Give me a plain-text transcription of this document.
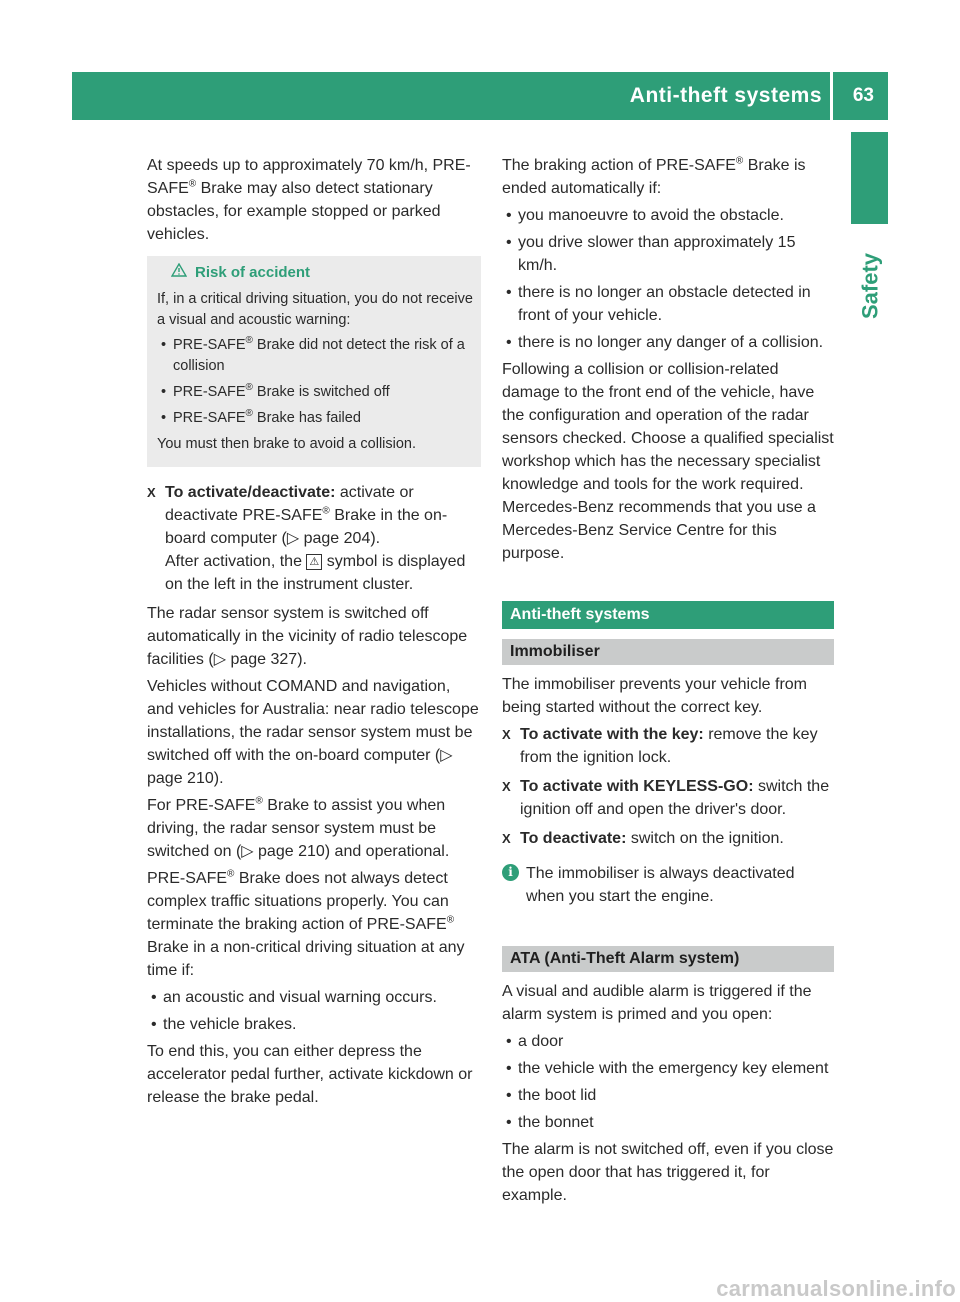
Anti-theft systems 63
Safety

At speeds up to approximately 70 km/h, PRE-SAFE® Brake may also detect stationary obstacles, for example stopped or parked vehicles.

Risk of accident

If, in a critical driving situation, you do not receive a visual and acoustic warning:

• PRE-SAFE® Brake did not detect the risk of a collision
• PRE-SAFE® Brake is switched off
• PRE-SAFE® Brake has failed

You must then brake to avoid a collision.

X To activate/deactivate: activate or deactivate PRE-SAFE® Brake in the on-board computer (▷ page 204).
After activation, the ⚠ symbol is displayed on the left in the instrument cluster.

The radar sensor system is switched off automatically in the vicinity of radio telescope facilities (▷ page 327).

Vehicles without COMAND and navigation, and vehicles for Australia: near radio telescope installations, the radar sensor system must be switched off with the on-board computer (▷ page 210).

For PRE-SAFE® Brake to assist you when driving, the radar sensor system must be switched on (▷ page 210) and operational.

PRE-SAFE® Brake does not always detect complex traffic situations properly. You can terminate the braking action of PRE-SAFE® Brake in a non-critical driving situation at any time if:

• an acoustic and visual warning occurs.
• the vehicle brakes.

To end this, you can either depress the accelerator pedal further, activate kickdown or release the brake pedal.

The braking action of PRE-SAFE® Brake is ended automatically if:

• you manoeuvre to avoid the obstacle.
• you drive slower than approximately 15 km/h.
• there is no longer an obstacle detected in front of your vehicle.
• there is no longer any danger of a collision.

Following a collision or collision-related damage to the front end of the vehicle, have the configuration and operation of the radar sensors checked. Choose a qualified specialist workshop which has the necessary specialist knowledge and tools for the work required. Mercedes-Benz recommends that you use a Mercedes-Benz Service Centre for this purpose.

Anti-theft systems
Immobiliser

The immobiliser prevents your vehicle from being started without the correct key.

X To activate with the key: remove the key from the ignition lock.
X To activate with KEYLESS-GO: switch the ignition off and open the driver's door.
X To deactivate: switch on the ignition.
i The immobiliser is always deactivated when you start the engine.
ATA (Anti-Theft Alarm system)

A visual and audible alarm is triggered if the alarm system is primed and you open:

• a door
• the vehicle with the emergency key element
• the boot lid
• the bonnet

The alarm is not switched off, even if you close the open door that has triggered it, for example.

carmanualsonline.info
